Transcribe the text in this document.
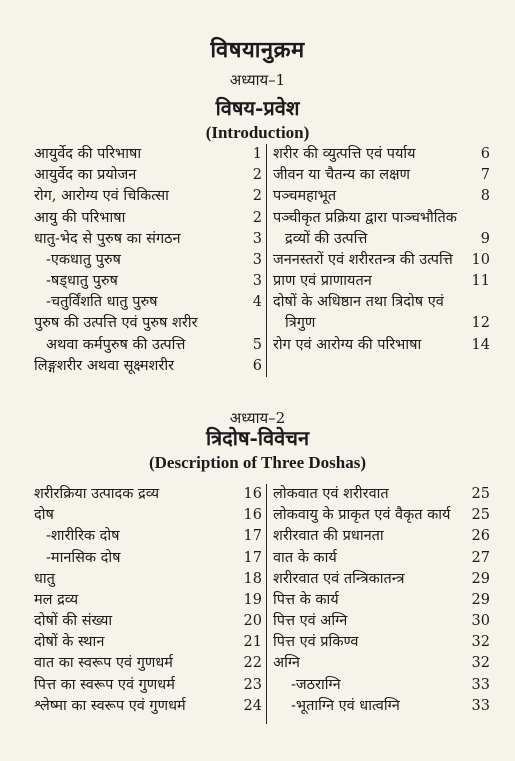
विषयानुक्रम
अध्याय–1
विषय-प्रवेश
(Introduction)
आयुर्वेद की परिभाषा	1
आयुर्वेद का प्रयोजन	2
रोग, आरोग्य एवं चिकित्सा	2
आयु की परिभाषा	2
धातु-भेद से पुरुष का संगठन	3
-एकधातु पुरुष	3
-षड्धातु पुरुष	3
-चतुर्विंशति धातु पुरुष	4
पुरुष की उत्पत्ति एवं पुरुष शरीर
अथवा कर्मपुरुष की उत्पत्ति	5
लिङ्गशरीर अथवा सूक्ष्मशरीर	6
शरीर की व्युत्पत्ति एवं पर्याय	6
जीवन या चैतन्य का लक्षण	7
पञ्चमहाभूत	8
पञ्चीकृत प्रक्रिया द्वारा पाञ्चभौतिक
द्रव्यों की उत्पत्ति	9
जननस्तरों एवं शरीरतन्त्र की उत्पत्ति	10
प्राण एवं प्राणायतन	11
दोषों के अधिष्ठान तथा त्रिदोष एवं
त्रिगुण	12
रोग एवं आरोग्य की परिभाषा	14
अध्याय–2
त्रिदोष-विवेचन
(Description of Three Doshas)
शरीरक्रिया उत्पादक द्रव्य	16
दोष	16
-शारीरिक दोष	17
-मानसिक दोष	17
धातु	18
मल द्रव्य	19
दोषों की संख्या	20
दोषों के स्थान	21
वात का स्वरूप एवं गुणधर्म	22
पित्त का स्वरूप एवं गुणधर्म	23
श्लेष्मा का स्वरूप एवं गुणधर्म	24
लोकवात एवं शरीरवात	25
लोकवायु के प्राकृत एवं वैकृत कार्य	25
शरीरवात की प्रधानता	26
वात के कार्य	27
शरीरवात एवं तन्त्रिकातन्त्र	29
पित्त के कार्य	29
पित्त एवं अग्नि	30
पित्त एवं प्रकिण्व	32
अग्नि	32
-जठराग्नि	33
-भूताग्नि एवं धात्वग्नि	33
